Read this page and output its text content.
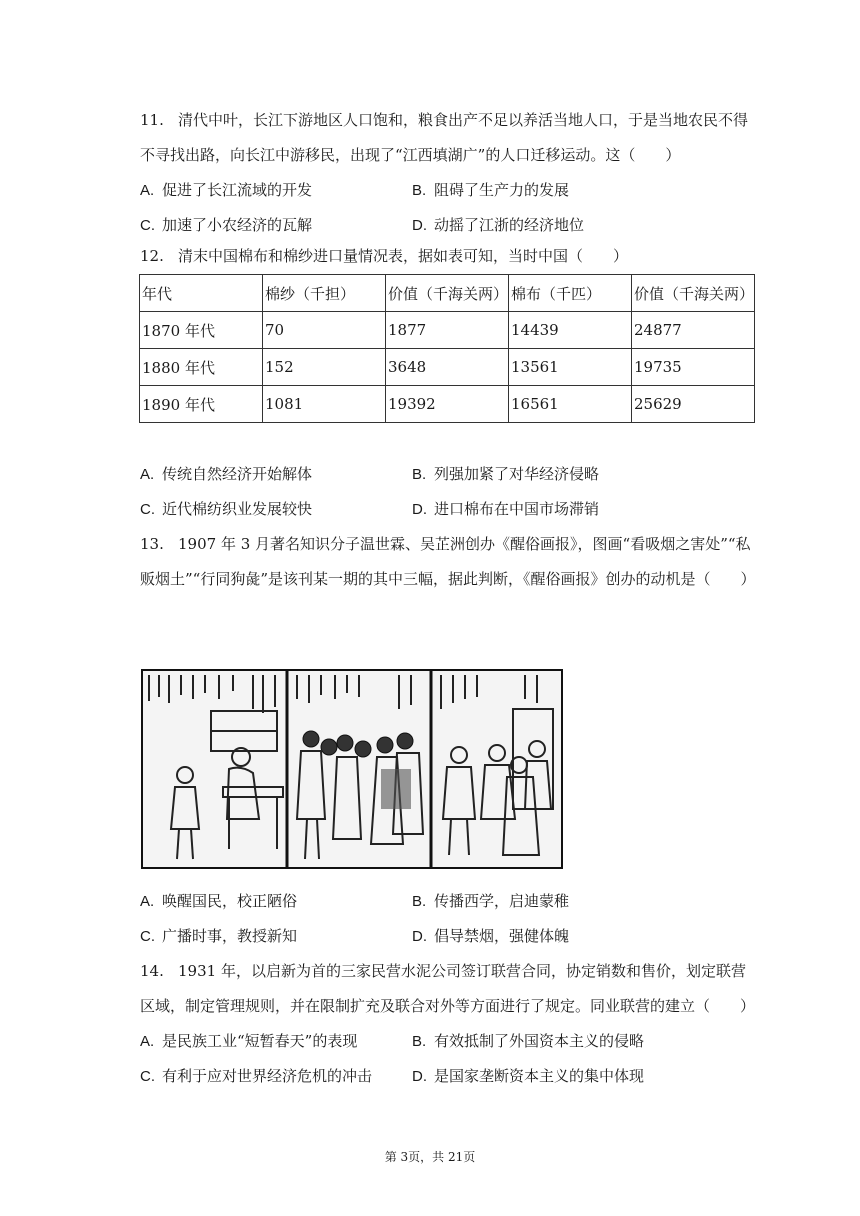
11. 清代中叶，长江下游地区人口饱和，粮食出产不足以养活当地人口，于是当地农民不得不寻找出路，向长江中游移民，出现了“江西填湖广”的人口迁移运动。这（　　）

A. 促进了长江流域的开发	B. 阻碍了生产力的发展
C. 加速了小农经济的瓦解	D. 动摇了江浙的经济地位

12. 清末中国棉布和棉纱进口量情况表，据如表可知，当时中国（　　）

年代	棉纱（千担）	价值（千海关两）	棉布（千匹）	价值（千海关两）
1870 年代	70	1877	14439	24877
1880 年代	152	3648	13561	19735
1890 年代	1081	19392	16561	25629
A. 传统自然经济开始解体	B. 列强加紧了对华经济侵略
C. 近代棉纺织业发展较快	D. 进口棉布在中国市场滞销

13. 1907 年 3 月著名知识分子温世霖、吴芷洲创办《醒俗画报》，图画“看吸烟之害处”“私贩烟土”“行同狗彘”是该刊某一期的其中三幅，据此判断，《醒俗画报》创办的动机是（　　）

A. 唤醒国民，校正陋俗	B. 传播西学，启迪蒙稚
C. 广播时事，教授新知	D. 倡导禁烟，强健体魄

14. 1931 年，以启新为首的三家民营水泥公司签订联营合同，协定销数和售价，划定联营区域，制定管理规则，并在限制扩充及联合对外等方面进行了规定。同业联营的建立（　　）

A. 是民族工业“短暂春天”的表现	B. 有效抵制了外国资本主义的侵略
C. 有利于应对世界经济危机的冲击	D. 是国家垄断资本主义的集中体现
第 3页，共 21页
